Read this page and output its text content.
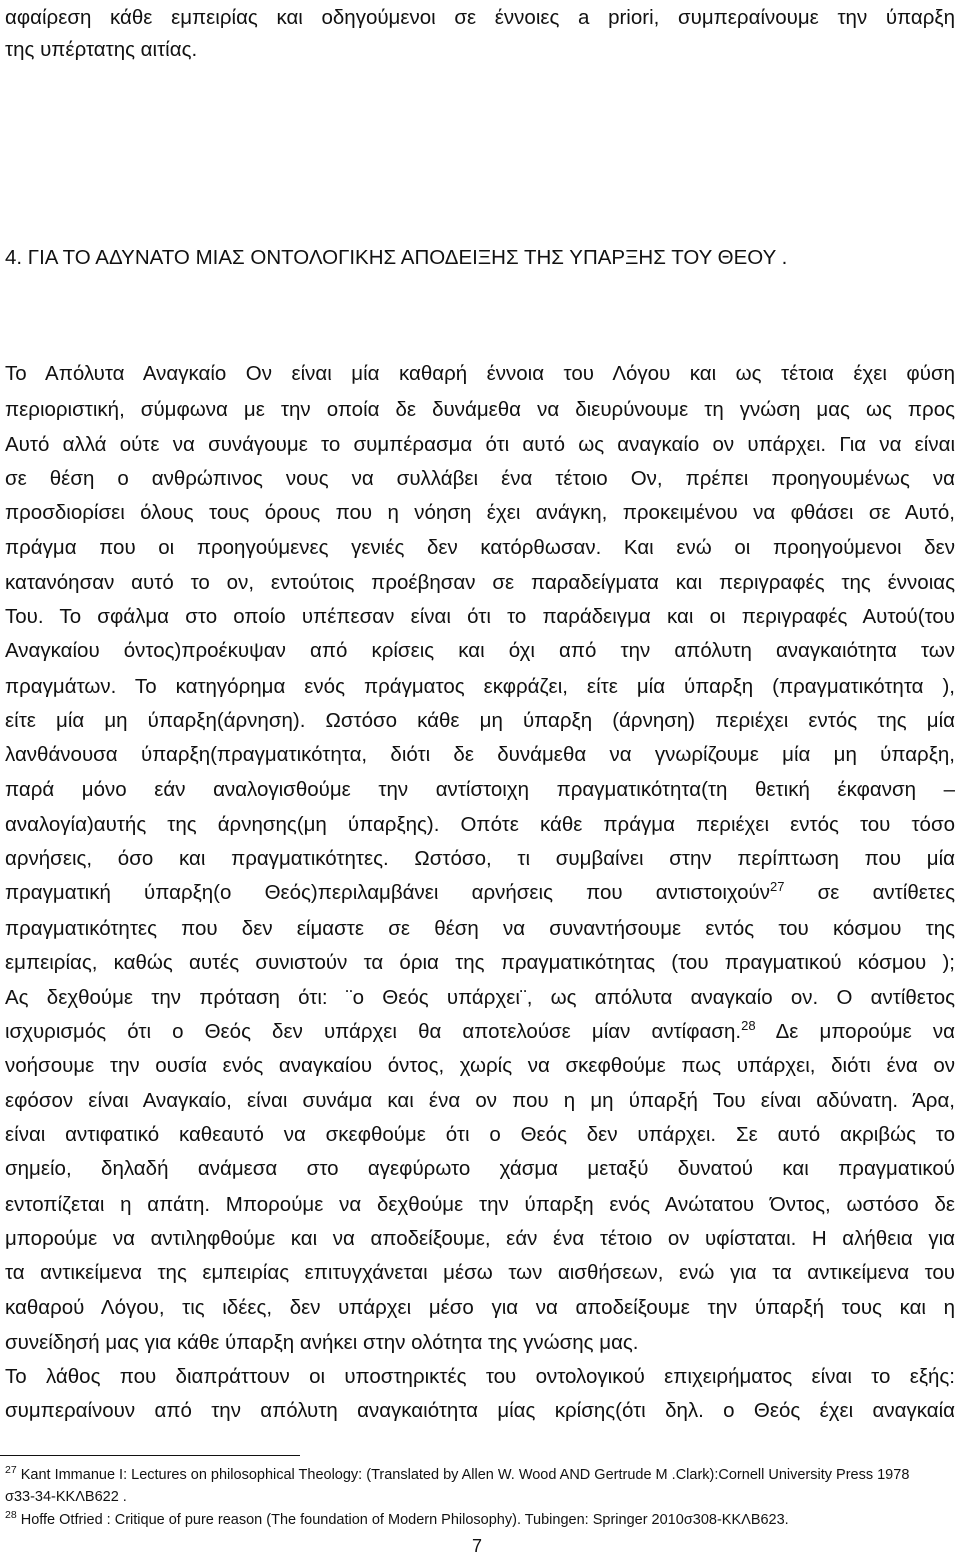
αφαίρεση κάθε εμπειρίας και οδηγούμενοι σε έννοιες a priori, συμπεραίνουμε την ύπαρξη
της υπέρτατης αιτίας.
4. ΓΙΑ ΤΟ ΑΔΥΝΑΤΟ ΜΙΑΣ ΟΝΤΟΛΟΓΙΚΗΣ ΑΠΟΔΕΙΞΗΣ ΤΗΣ ΥΠΑΡΞΗΣ ΤΟΥ ΘΕΟΥ .
Το Απόλυτα Αναγκαίο Ον είναι μία καθαρή έννοια του Λόγου και ως τέτοια έχει φύση
περιοριστική, σύμφωνα με την οποία δε δυνάμεθα να διευρύνουμε τη γνώση μας ως προς
Αυτό αλλά ούτε να συνάγουμε το συμπέρασμα ότι αυτό ως αναγκαίο ον υπάρχει. Για να είναι
σε θέση ο ανθρώπινος νους να συλλάβει ένα τέτοιο Ον, πρέπει προηγουμένως να
προσδιορίσει όλους τους όρους που η νόηση έχει ανάγκη, προκειμένου να φθάσει σε Αυτό,
πράγμα που οι προηγούμενες γενιές δεν κατόρθωσαν. Και ενώ οι προηγούμενοι δεν
κατανόησαν αυτό το ον, εντούτοις προέβησαν σε παραδείγματα και περιγραφές της έννοιας
Του. Το σφάλμα στο οποίο υπέπεσαν είναι ότι το παράδειγμα και οι περιγραφές Αυτού(του
Αναγκαίου όντος)προέκυψαν από κρίσεις και όχι από την απόλυτη αναγκαιότητα των
πραγμάτων. Το κατηγόρημα ενός πράγματος εκφράζει, είτε μία ύπαρξη (πραγματικότητα ),
είτε μία μη ύπαρξη(άρνηση). Ωστόσο κάθε μη ύπαρξη (άρνηση) περιέχει εντός της μία
λανθάνουσα ύπαρξη(πραγματικότητα, διότι δε δυνάμεθα να γνωρίζουμε μία μη ύπαρξη,
παρά μόνο εάν αναλογισθούμε την αντίστοιχη πραγματικότητα(τη θετική έκφανση –
αναλογία)αυτής της άρνησης(μη ύπαρξης). Οπότε κάθε πράγμα περιέχει εντός του τόσο
αρνήσεις, όσο και πραγματικότητες. Ωστόσο, τι συμβαίνει στην περίπτωση που μία
πραγματική ύπαρξη(ο Θεός)περιλαμβάνει αρνήσεις που αντιστοιχούν$^{27}$ σε αντίθετες
πραγματικότητες που δεν είμαστε σε θέση να συναντήσουμε εντός του κόσμου της
εμπειρίας, καθώς αυτές συνιστούν τα όρια της πραγματικότητας (του πραγματικού κόσμου );
Ας δεχθούμε την πρόταση ότι: ¨ο Θεός υπάρχει¨, ως απόλυτα αναγκαίο ον. Ο αντίθετος
ισχυρισμός ότι ο Θεός δεν υπάρχει θα αποτελούσε μίαν αντίφαση.$^{28}$ Δε μπορούμε να
νοήσουμε την ουσία ενός αναγκαίου όντος, χωρίς να σκεφθούμε πως υπάρχει, διότι ένα ον
εφόσον είναι Αναγκαίο, είναι συνάμα και ένα ον που η μη ύπαρξή Του είναι αδύνατη. Άρα,
είναι αντιφατικό καθεαυτό να σκεφθούμε ότι ο Θεός δεν υπάρχει. Σε αυτό ακριβώς το
σημείο, δηλαδή ανάμεσα στο αγεφύρωτο χάσμα μεταξύ δυνατού και πραγματικού
εντοπίζεται η απάτη. Μπορούμε να δεχθούμε την ύπαρξη ενός Ανώτατου Όντος, ωστόσο δε
μπορούμε να αντιληφθούμε και να αποδείξουμε, εάν ένα τέτοιο ον υφίσταται. Η αλήθεια για
τα αντικείμενα της εμπειρίας επιτυγχάνεται μέσω των αισθήσεων, ενώ για τα αντικείμενα του
καθαρού Λόγου, τις ιδέες, δεν υπάρχει μέσο για να αποδείξουμε την ύπαρξή τους και η
συνείδησή μας για κάθε ύπαρξη ανήκει στην ολότητα της γνώσης μας.
Το λάθος που διαπράττουν οι υποστηρικτές του οντολογικού επιχειρήματος είναι το εξής:
συμπεραίνουν από την απόλυτη αναγκαιότητα μίας κρίσης(ότι δηλ. ο Θεός έχει αναγκαία
$^{27}$ Kant Immanue I: Lectures on philosophical Theology: (Translated by Allen W. Wood AND Gertrude M .Clark):Cornell University Press 1978
σ33-34-ΚΚΛΒ622 .
$^{28}$ Hoffe Otfried : Critique of pure reason (The foundation of Modern Philosophy). Tubingen: Springer 2010σ308-ΚΚΛΒ623.
7
